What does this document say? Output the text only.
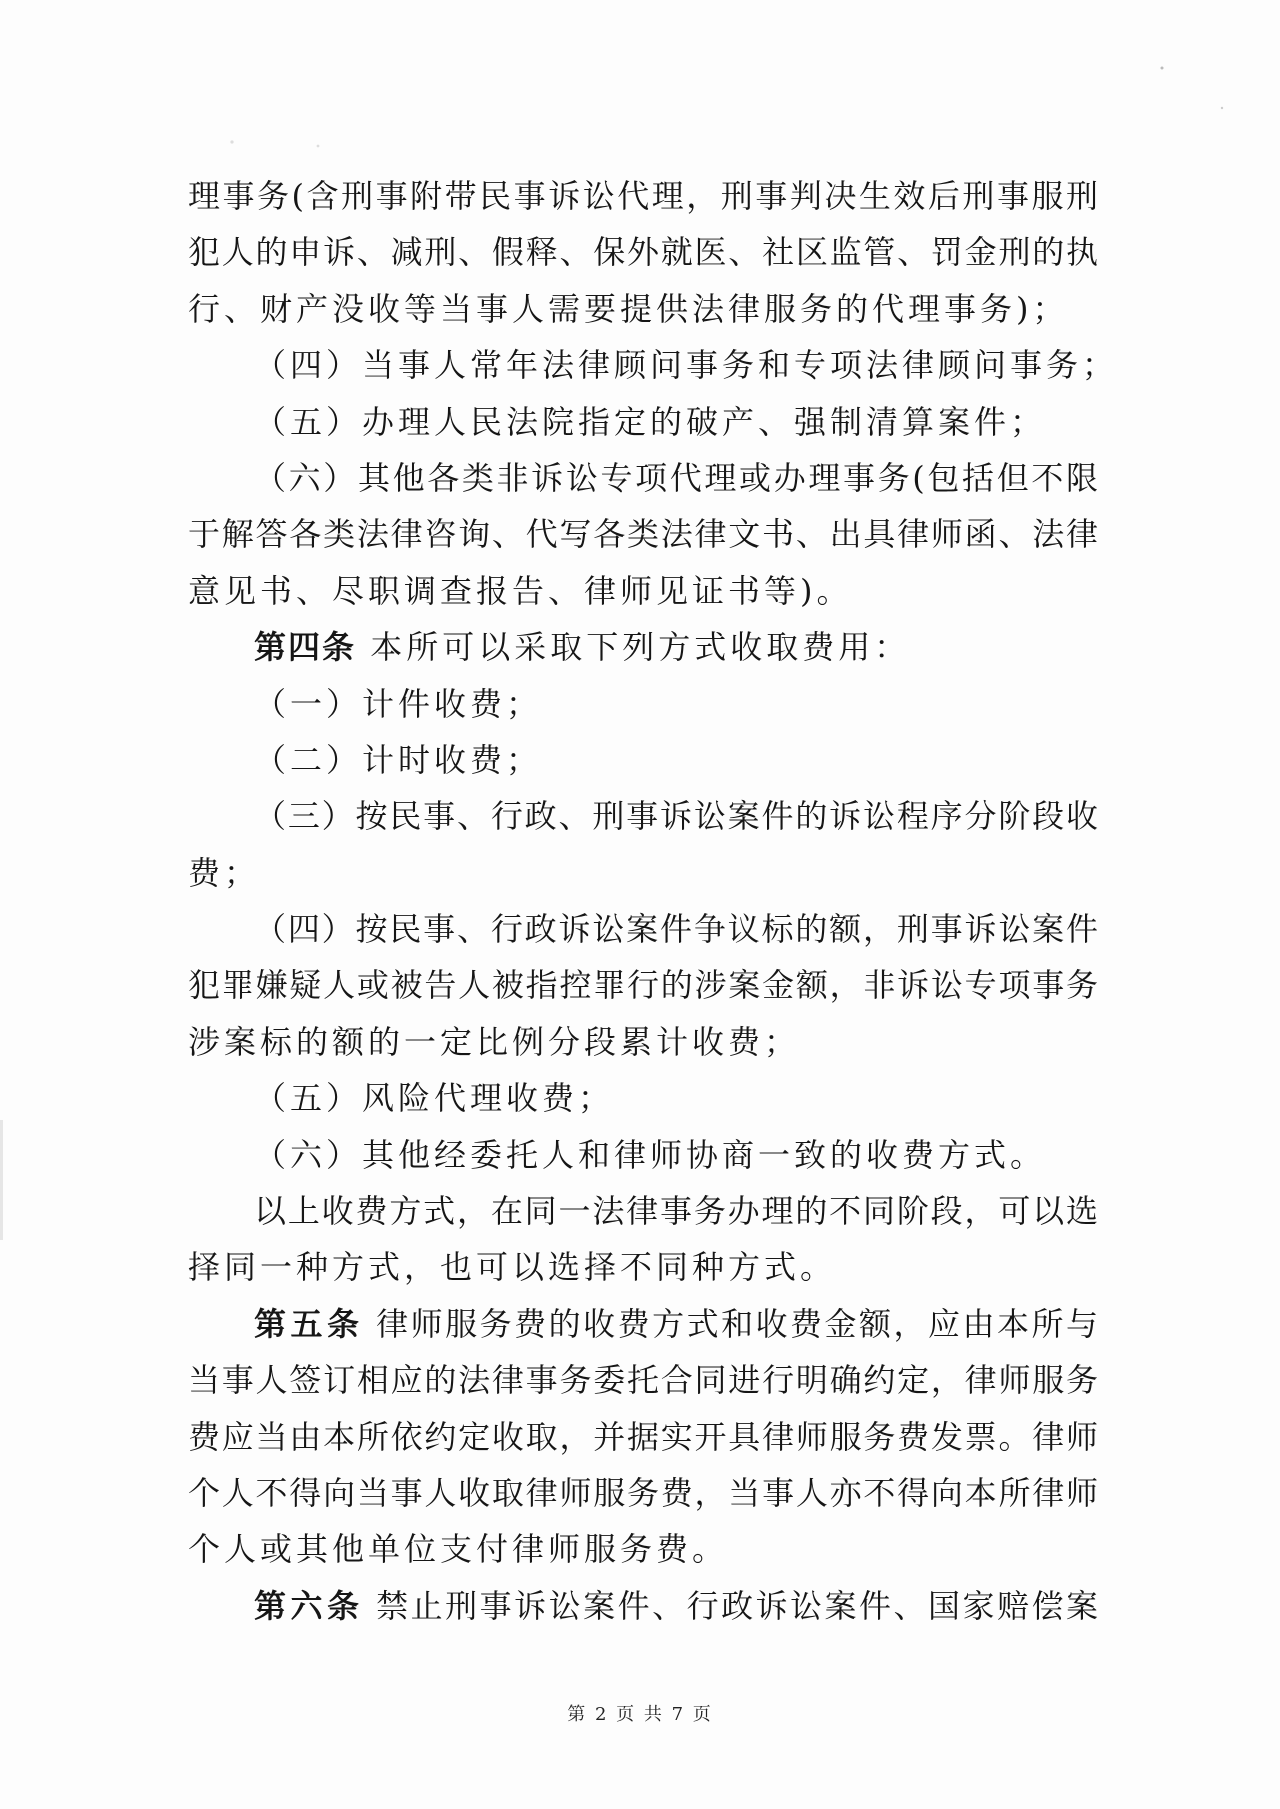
理事务(含刑事附带民事诉讼代理，刑事判决生效后刑事服刑
犯人的申诉、减刑、假释、保外就医、社区监管、罚金刑的执
行、财产没收等当事人需要提供法律服务的代理事务)；
（四）当事人常年法律顾问事务和专项法律顾问事务；
（五）办理人民法院指定的破产、强制清算案件；
（六）其他各类非诉讼专项代理或办理事务(包括但不限
于解答各类法律咨询、代写各类法律文书、出具律师函、法律
意见书、尽职调查报告、律师见证书等)。
第四条 本所可以采取下列方式收取费用：
（一）计件收费；
（二）计时收费；
（三）按民事、行政、刑事诉讼案件的诉讼程序分阶段收
费；
（四）按民事、行政诉讼案件争议标的额，刑事诉讼案件
犯罪嫌疑人或被告人被指控罪行的涉案金额，非诉讼专项事务
涉案标的额的一定比例分段累计收费；
（五）风险代理收费；
（六）其他经委托人和律师协商一致的收费方式。
以上收费方式，在同一法律事务办理的不同阶段，可以选
择同一种方式，也可以选择不同种方式。
第五条 律师服务费的收费方式和收费金额，应由本所与
当事人签订相应的法律事务委托合同进行明确约定，律师服务
费应当由本所依约定收取，并据实开具律师服务费发票。律师
个人不得向当事人收取律师服务费，当事人亦不得向本所律师
个人或其他单位支付律师服务费。
第六条 禁止刑事诉讼案件、行政诉讼案件、国家赔偿案
第 2 页 共 7 页
